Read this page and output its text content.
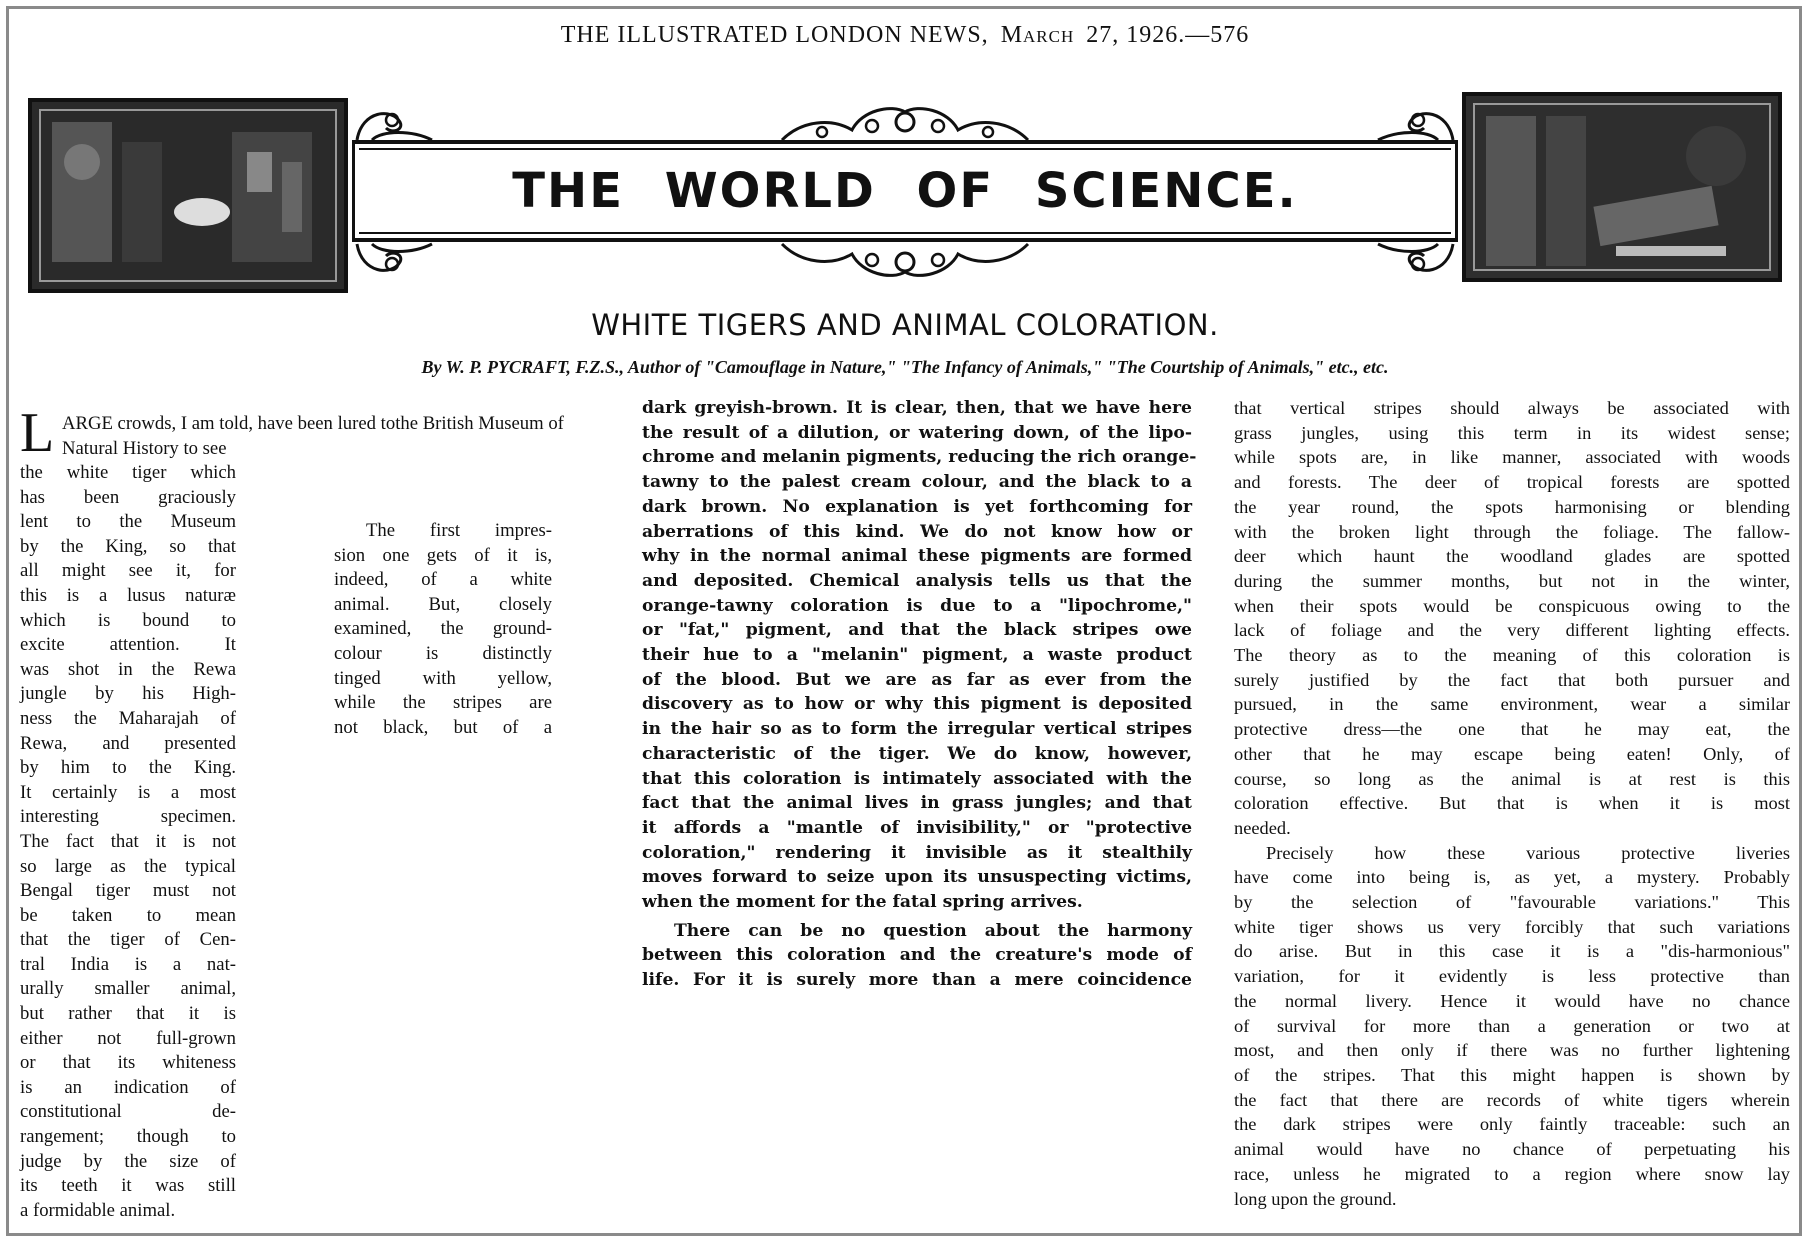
THE ILLUSTRATED LONDON NEWS, March 27, 1926.—576
THE WORLD OF SCIENCE.
WHITE TIGERS AND ANIMAL COLORATION.
By W. P. PYCRAFT, F.Z.S., Author of "Camouflage in Nature," "The Infancy of Animals," "The Courtship of Animals," etc., etc.
L ARGE crowds, I am told, have been lured tothe British Museum of Natural History to see
the white tiger which
has been graciously
lent to the Museum
by the King, so that
all might see it, for
this is a lusus naturæ
which is bound to
excite attention. It
was shot in the Rewa
jungle by his High-
ness the Maharajah of
Rewa, and presented
by him to the King.
It certainly is a most
interesting specimen.
The fact that it is not
so large as the typical
Bengal tiger must not
be taken to mean
that the tiger of Cen-
tral India is a nat-
urally smaller animal,
but rather that it is
either not full-grown
or that its whiteness
is an indication of
constitutional de-
rangement; though to
judge by the size of
its teeth it was still
a formidable animal.
The first impres-
sion one gets of it is,
indeed, of a white
animal. But, closely
examined, the ground-
colour is distinctly
tinged with yellow,
while the stripes are
not black, but of a
dark greyish-brown. It is clear, then, that we have here
the result of a dilution, or watering down, of the lipo-
chrome and melanin pigments, reducing the rich orange-
tawny to the palest cream colour, and the black to a
dark brown. No explanation is yet forthcoming for
aberrations of this kind. We do not know how or
why in the normal animal these pigments are formed
and deposited. Chemical analysis tells us that the
orange-tawny coloration is due to a "lipochrome,"
or "fat," pigment, and that the black stripes owe
their hue to a "melanin" pigment, a waste product
of the blood. But we are as far as ever from the
discovery as to how or why this pigment is deposited
in the hair so as to form the irregular vertical stripes
characteristic of the tiger. We do know, however,
that this coloration is intimately associated with the
fact that the animal lives in grass jungles; and that
it affords a "mantle of invisibility," or "protective
coloration," rendering it invisible as it stealthily
moves forward to seize upon its unsuspecting victims,
when the moment for the fatal spring arrives.
There can be no question about the harmony
between this coloration and the creature's mode of
life. For it is surely more than a mere coincidence
that vertical stripes should always be associated with
grass jungles, using this term in its widest sense;
while spots are, in like manner, associated with woods
and forests. The deer of tropical forests are spotted
the year round, the spots harmonising or blending
with the broken light through the foliage. The fallow-
deer which haunt the woodland glades are spotted
during the summer months, but not in the winter,
when their spots would be conspicuous owing to the
lack of foliage and the very different lighting effects.
The theory as to the meaning of this coloration is
surely justified by the fact that both pursuer and
pursued, in the same environment, wear a similar
protective dress—the one that he may eat, the
other that he may escape being eaten! Only, of
course, so long as the animal is at rest is this
coloration effective. But that is when it is most
needed.
Precisely how these various protective liveries
have come into being is, as yet, a mystery. Probably
by the selection of "favourable variations." This
white tiger shows us very forcibly that such variations
do arise. But in this case it is a "dis-harmonious"
variation, for it evidently is less protective than
the normal livery. Hence it would have no chance
of survival for more than a generation or two at
most, and then only if there was no further lightening
of the stripes. That this might happen is shown by
the fact that there are records of white tigers wherein
the dark stripes were only faintly traceable: such an
animal would have no chance of perpetuating his
race, unless he migrated to a region where snow lay
long upon the ground.
